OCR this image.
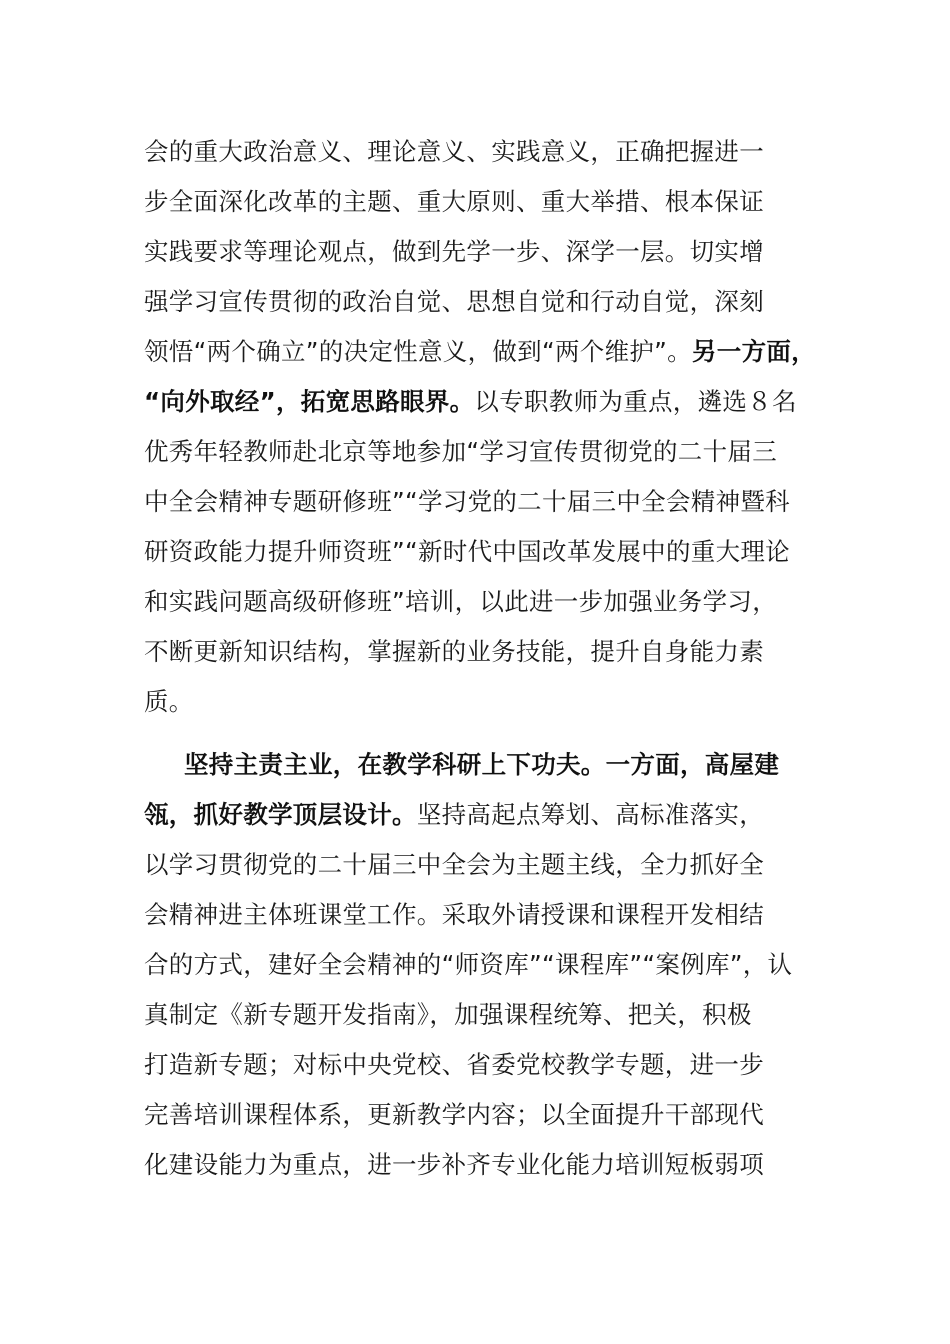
会的重大政治意义、理论意义、实践意义，正确把握进一
步全面深化改革的主题、重大原则、重大举措、根本保证
实践要求等理论观点，做到先学一步、深学一层。切实增
强学习宣传贯彻的政治自觉、思想自觉和行动自觉，深刻
领悟“两个确立”的决定性意义，做到“两个维护”。另一方面，
“向外取经”，拓宽思路眼界。以专职教师为重点，遴选８名
优秀年轻教师赴北京等地参加“学习宣传贯彻党的二十届三
中全会精神专题研修班”“学习党的二十届三中全会精神暨科
研资政能力提升师资班”“新时代中国改革发展中的重大理论
和实践问题高级研修班”培训，以此进一步加强业务学习，
不断更新知识结构，掌握新的业务技能，提升自身能力素
质。
坚持主责主业，在教学科研上下功夫。一方面，高屋建
瓴，抓好教学顶层设计。坚持高起点筹划、高标准落实，
以学习贯彻党的二十届三中全会为主题主线，全力抓好全
会精神进主体班课堂工作。采取外请授课和课程开发相结
合的方式，建好全会精神的“师资库”“课程库”“案例库”，认
真制定《新专题开发指南》，加强课程统筹、把关，积极
打造新专题；对标中央党校、省委党校教学专题，进一步
完善培训课程体系，更新教学内容；以全面提升干部现代
化建设能力为重点，进一步补齐专业化能力培训短板弱项
